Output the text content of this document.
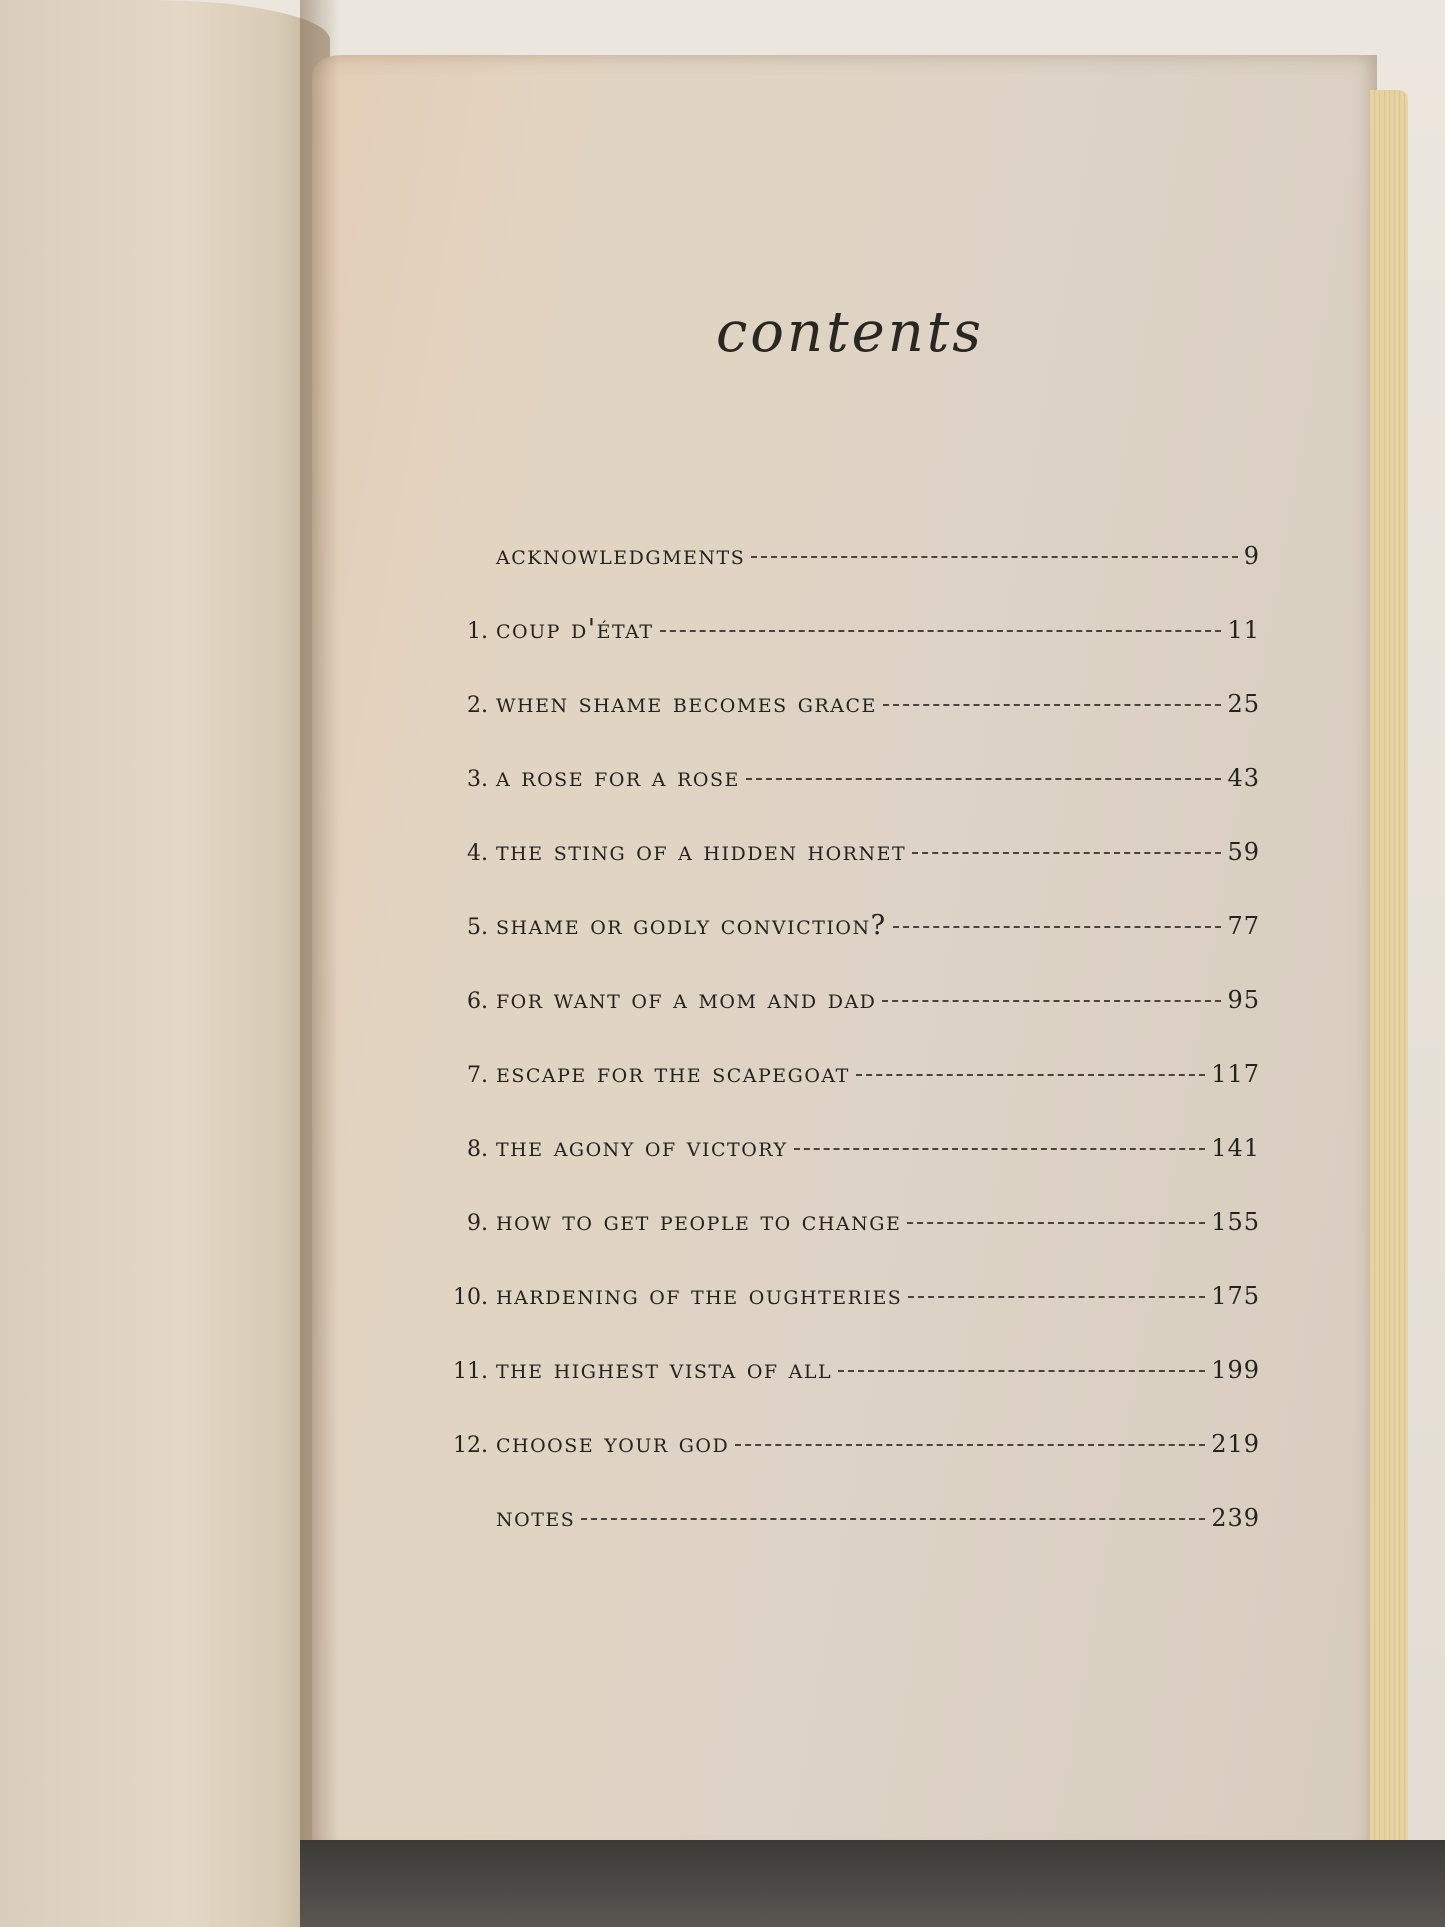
contents
acknowledgments	9
1. coup d'état	11
2. when shame becomes grace	25
3. a rose for a rose	43
4. the sting of a hidden hornet	59
5. shame or godly conviction?	77
6. for want of a mom and dad	95
7. escape for the scapegoat	117
8. the agony of victory	141
9. how to get people to change	155
10. hardening of the oughteries	175
11. the highest vista of all	199
12. choose your god	219
notes	239
